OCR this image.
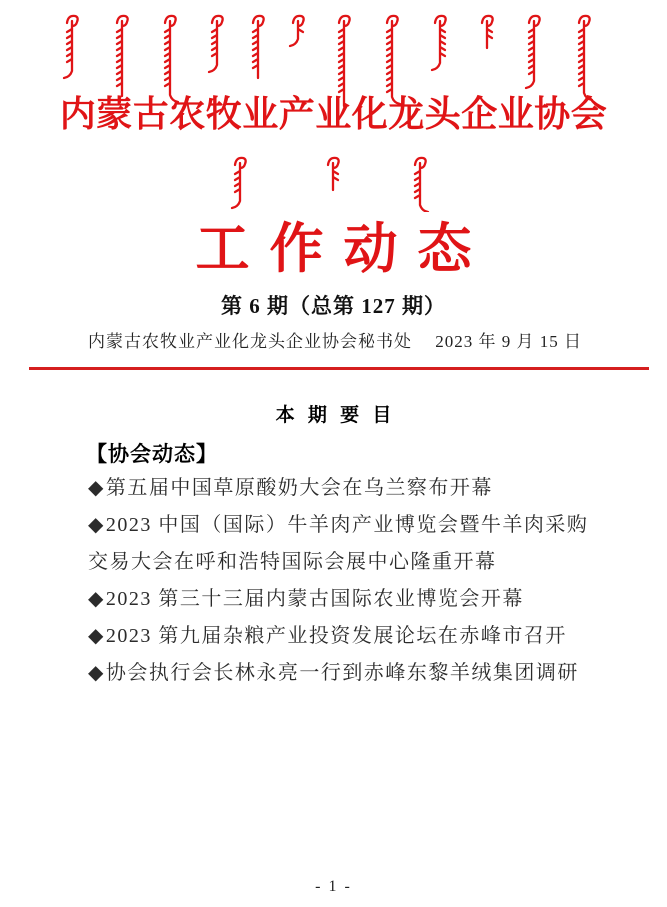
内蒙古农牧业产业化龙头企业协会
工作动态
第 6 期（总第 127 期）
内蒙古农牧业产业化龙头企业协会秘书处 2023 年 9 月 15 日
本 期 要 目
【协会动态】

◆第五届中国草原酸奶大会在乌兰察布开幕

◆2023 中国（国际）牛羊肉产业博览会暨牛羊肉采购交易大会在呼和浩特国际会展中心隆重开幕

◆2023 第三十三届内蒙古国际农业博览会开幕

◆2023 第九届杂粮产业投资发展论坛在赤峰市召开

◆协会执行会长林永亮一行到赤峰东黎羊绒集团调研

- 1 -
